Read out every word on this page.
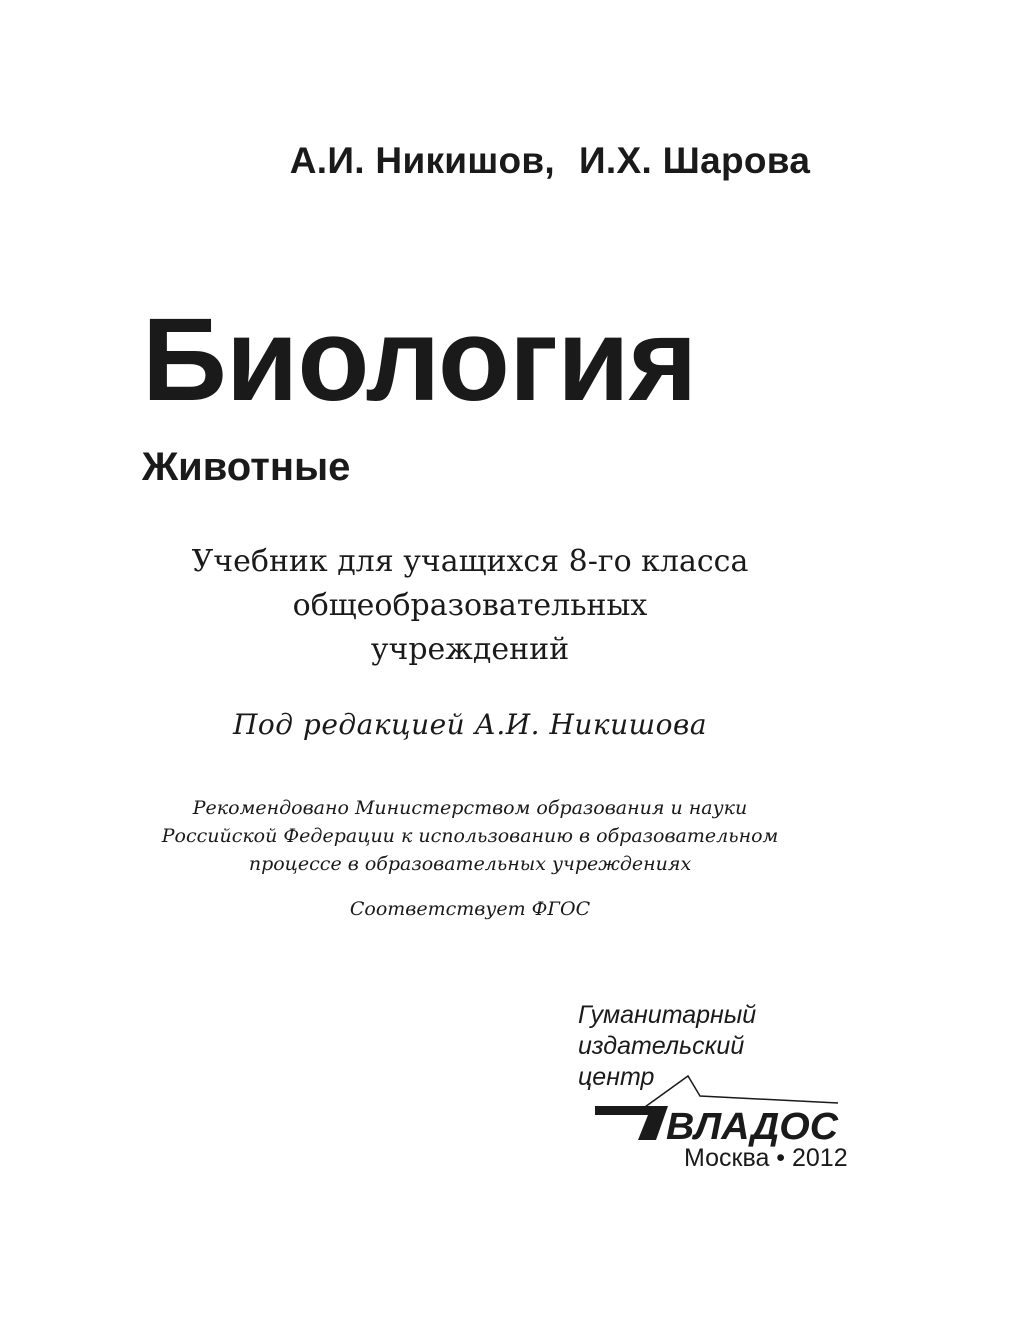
А.И. Никишов, И.Х. Шарова
Биология
Животные
Учебник для учащихся 8-го класса
общеобразовательных
учреждений
Под редакцией А.И. Никишова
Рекомендовано Министерством образования и науки
Российской Федерации к использованию в образовательном
процессе в образовательных учреждениях
Соответствует ФГОС
Гуманитарный
издательский
центр
ВЛАДОС
Москва • 2012
